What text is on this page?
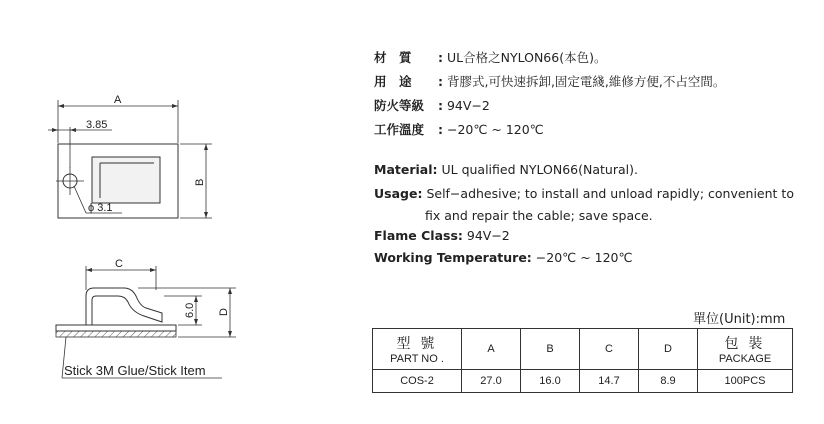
A
3.85
B
ϕ 3.1
C
6.0 D
Stick 3M Glue/Stick Item
材　質 : UL合格之NYLON66(本色)。
用　途 : 背膠式,可快速拆卸,固定電綫,維修方便,不占空間。
防火等級 : 94V−2
工作溫度 : −20℃ ~ 120℃
Material: UL qualified NYLON66(Natural).
Usage: Self−adhesive; to install and unload rapidly; convenient to
fix and repair the cable; save space.
Flame Class: 94V−2
Working Temperature: −20℃ ~ 120℃
單位(Unit):mm
型 號
PART NO .	A	B	C	D	包 裝
PACKAGE

COS-2	27.0	16.0	14.7	8.9	100PCS
